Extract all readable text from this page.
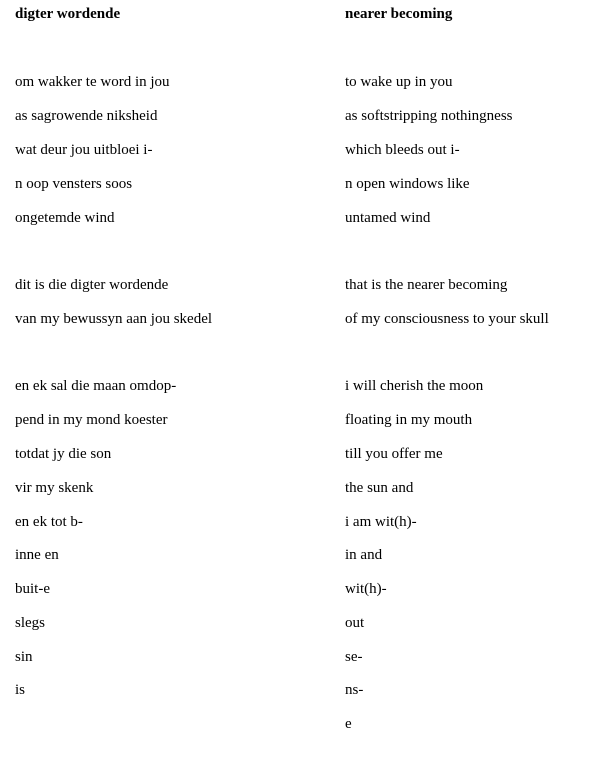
digter wordende
om wakker te word in jou
as sagrowende niksheid
wat deur jou uitbloei i-
n oop vensters soos
ongetemde wind
dit is die digter wordende
van my bewussyn aan jou skedel
en ek sal die maan omdop-
pend in my mond koester
totdat jy die son
vir my skenk
en ek tot b-
inne en
buit-e
slegs
sin
is
nearer becoming
to wake up in you
as softstripping nothingness
which bleeds out i-
n open windows like
untamed wind
that is the nearer becoming
of my consciousness to your skull
i will cherish the moon
floating in my mouth
till you offer me
the sun and
i am wit(h)-
in and
wit(h)-
out
se-
ns-
e
